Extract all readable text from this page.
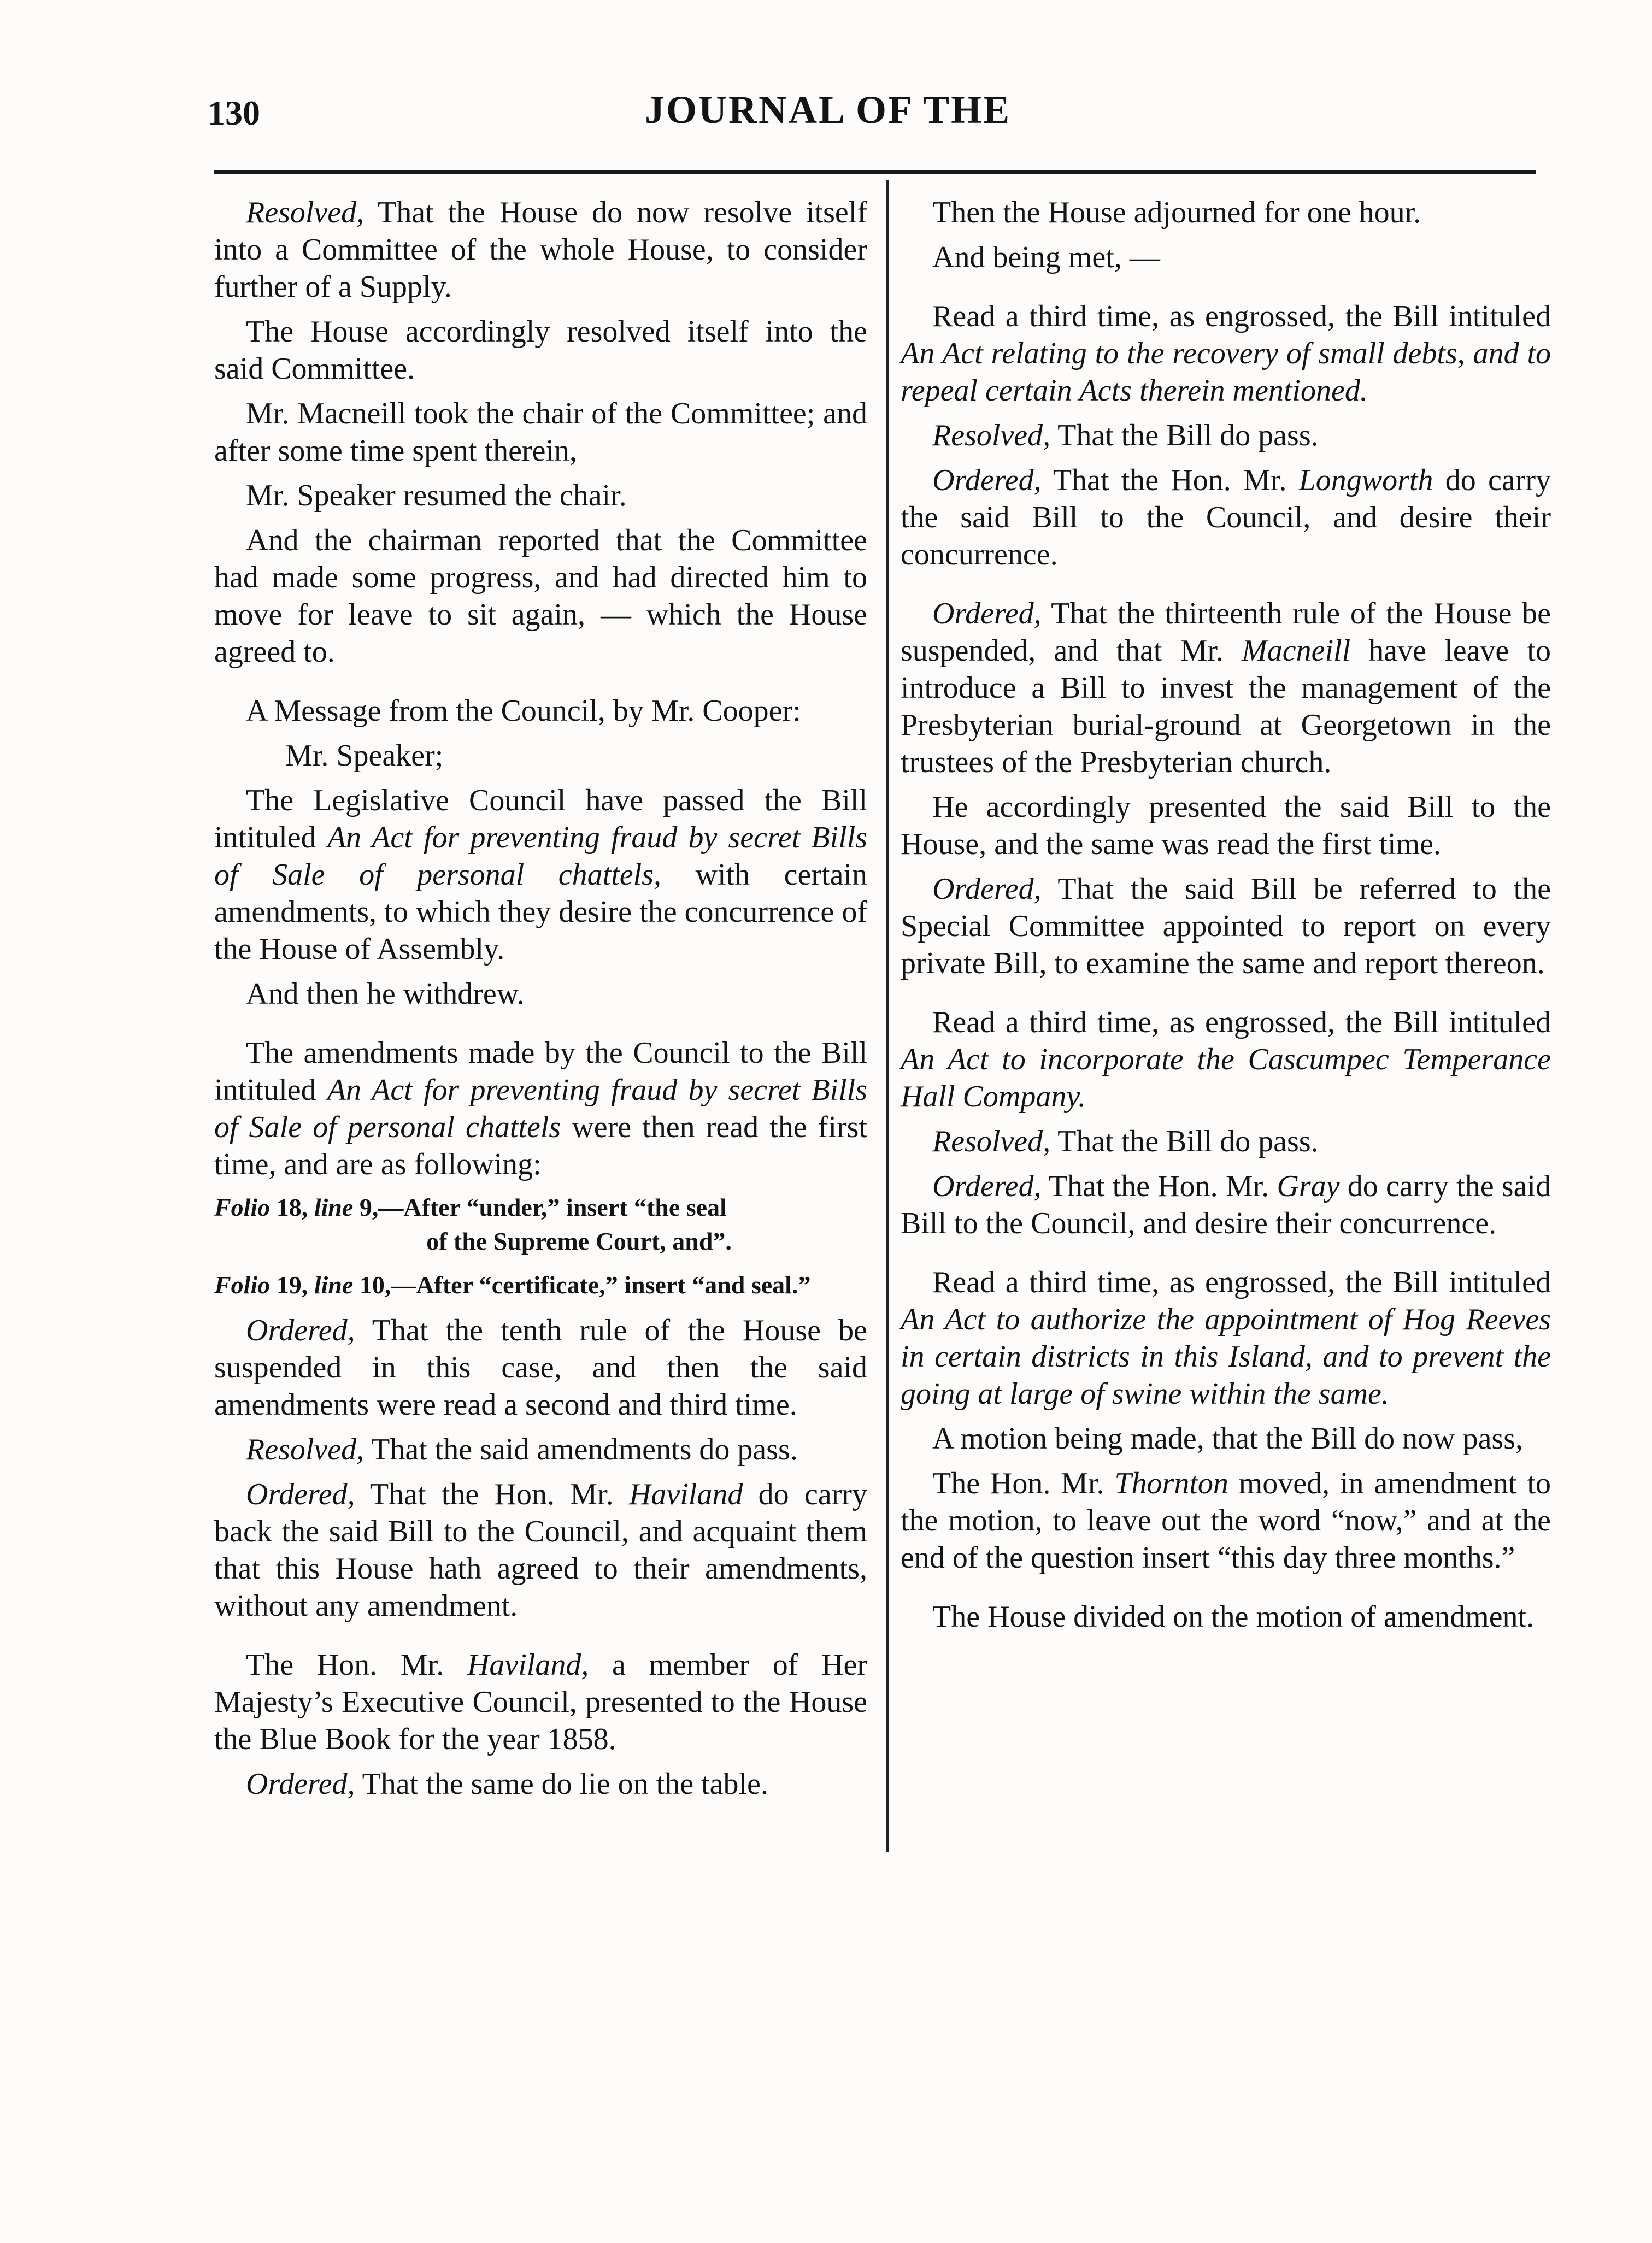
130	JOURNAL OF THE

Resolved, That the House do now resolve itself into a Committee of the whole House, to consider further of a Supply.

The House accordingly resolved itself into the said Committee.

Mr. Macneill took the chair of the Committee; and after some time spent therein,

Mr. Speaker resumed the chair.

And the chairman reported that the Committee had made some progress, and had directed him to move for leave to sit again, — which the House agreed to.

A Message from the Council, by Mr. Cooper:

Mr. Speaker;

The Legislative Council have passed the Bill intituled An Act for preventing fraud by secret Bills of Sale of personal chattels, with certain amendments, to which they desire the concurrence of the House of Assembly.

And then he withdrew.

The amendments made by the Council to the Bill intituled An Act for preventing fraud by secret Bills of Sale of personal chattels were then read the first time, and are as following:

Folio 18, line 9,—After “under,” insert “the seal
of the Supreme Court, and”.

Folio 19, line 10,—After “certificate,” insert “and seal.”

Ordered, That the tenth rule of the House be suspended in this case, and then the said amendments were read a second and third time.

Resolved, That the said amendments do pass.

Ordered, That the Hon. Mr. Haviland do carry back the said Bill to the Council, and acquaint them that this House hath agreed to their amendments, without any amendment.

The Hon. Mr. Haviland, a member of Her Majesty’s Executive Council, presented to the House the Blue Book for the year 1858.

Ordered, That the same do lie on the table.

Then the House adjourned for one hour.

And being met, —

Read a third time, as engrossed, the Bill intituled An Act relating to the recovery of small debts, and to repeal certain Acts therein mentioned.

Resolved, That the Bill do pass.

Ordered, That the Hon. Mr. Longworth do carry the said Bill to the Council, and desire their concurrence.

Ordered, That the thirteenth rule of the House be suspended, and that Mr. Macneill have leave to introduce a Bill to invest the management of the Presbyterian burial-ground at Georgetown in the trustees of the Presbyterian church.

He accordingly presented the said Bill to the House, and the same was read the first time.

Ordered, That the said Bill be referred to the Special Committee appointed to report on every private Bill, to examine the same and report thereon.

Read a third time, as engrossed, the Bill intituled An Act to incorporate the Cascumpec Temperance Hall Company.

Resolved, That the Bill do pass.

Ordered, That the Hon. Mr. Gray do carry the said Bill to the Council, and desire their concurrence.

Read a third time, as engrossed, the Bill intituled An Act to authorize the appointment of Hog Reeves in certain districts in this Island, and to prevent the going at large of swine within the same.

A motion being made, that the Bill do now pass,

The Hon. Mr. Thornton moved, in amendment to the motion, to leave out the word “now,” and at the end of the question insert “this day three months.”

The House divided on the motion of amendment.
